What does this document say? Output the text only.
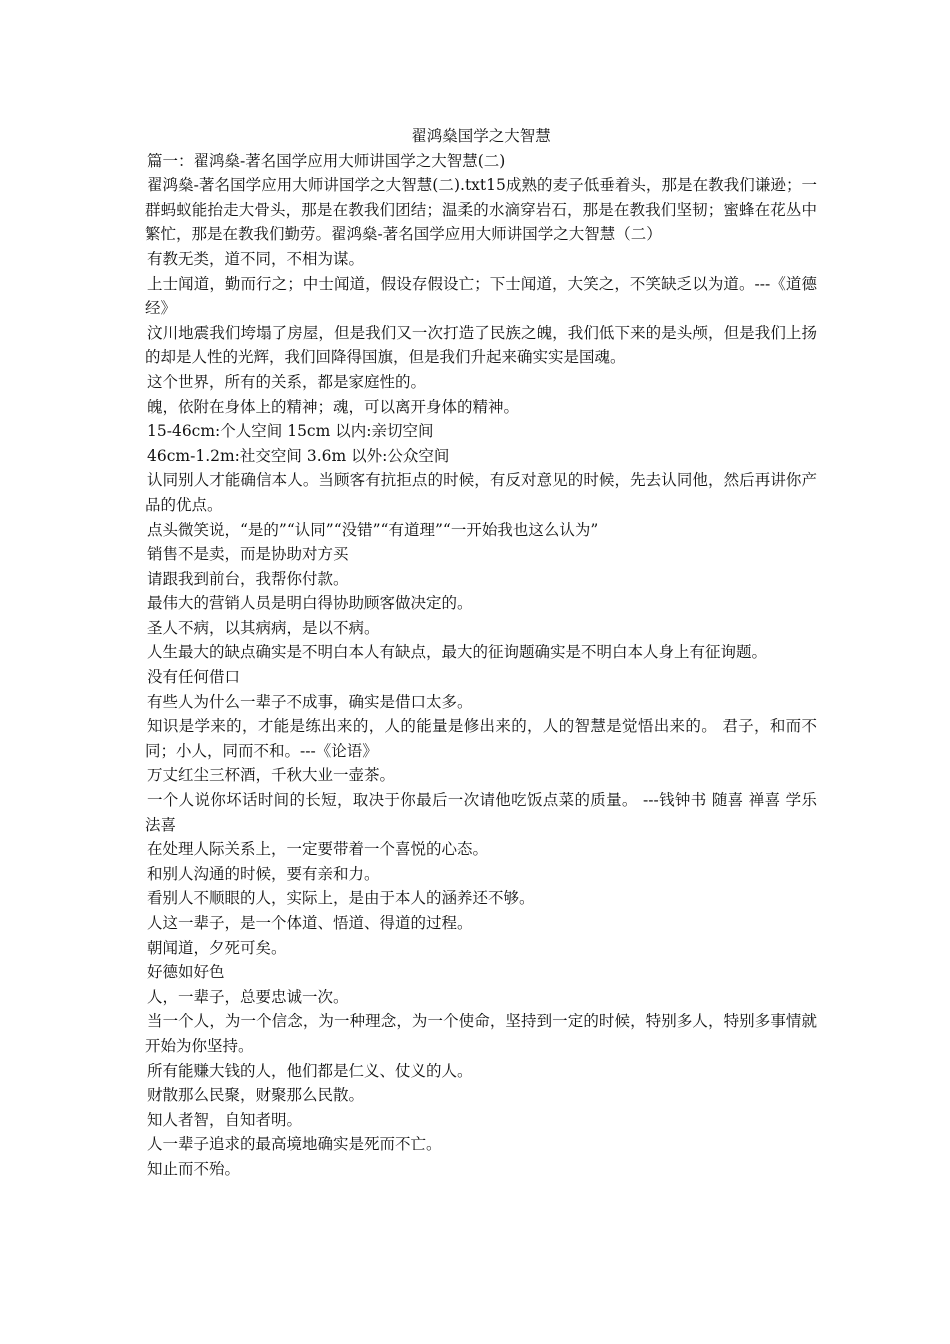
翟鸿燊国学之大智慧

篇一：翟鸿燊-著名国学应用大师讲国学之大智慧(二)

翟鸿燊-著名国学应用大师讲国学之大智慧(二).txt15成熟的麦子低垂着头，那是在教我们谦逊；一群蚂蚁能抬走大骨头，那是在教我们团结；温柔的水滴穿岩石，那是在教我们坚韧；蜜蜂在花丛中繁忙，那是在教我们勤劳。翟鸿燊-著名国学应用大师讲国学之大智慧（二）

有教无类，道不同，不相为谋。

上士闻道，勤而行之；中士闻道，假设存假设亡；下士闻道，大笑之，不笑缺乏以为道。---《道德经》

汶川地震我们垮塌了房屋，但是我们又一次打造了民族之魄，我们低下来的是头颅，但是我们上扬的却是人性的光辉，我们回降得国旗，但是我们升起来确实实是国魂。

这个世界，所有的关系，都是家庭性的。

魄，依附在身体上的精神；魂，可以离开身体的精神。

15-46cm:个人空间 15cm 以内:亲切空间

46cm-1.2m:社交空间 3.6m 以外:公众空间

认同别人才能确信本人。当顾客有抗拒点的时候，有反对意见的时候，先去认同他，然后再讲你产品的优点。

点头微笑说，“是的”“认同”“没错”“有道理”“一开始我也这么认为”

销售不是卖，而是协助对方买

请跟我到前台，我帮你付款。

最伟大的营销人员是明白得协助顾客做决定的。

圣人不病，以其病病，是以不病。

人生最大的缺点确实是不明白本人有缺点，最大的征询题确实是不明白本人身上有征询题。

没有任何借口

有些人为什么一辈子不成事，确实是借口太多。

知识是学来的，才能是练出来的，人的能量是修出来的，人的智慧是觉悟出来的。 君子，和而不同；小人，同而不和。---《论语》

万丈红尘三杯酒，千秋大业一壶茶。

一个人说你坏话时间的长短，取决于你最后一次请他吃饭点菜的质量。 ---钱钟书 随喜 禅喜 学乐 法喜

在处理人际关系上，一定要带着一个喜悦的心态。

和别人沟通的时候，要有亲和力。

看别人不顺眼的人，实际上，是由于本人的涵养还不够。

人这一辈子，是一个体道、悟道、得道的过程。

朝闻道，夕死可矣。

好德如好色

人，一辈子，总要忠诚一次。

当一个人，为一个信念，为一种理念，为一个使命，坚持到一定的时候，特别多人，特别多事情就开始为你坚持。

所有能赚大钱的人，他们都是仁义、仗义的人。

财散那么民聚，财聚那么民散。

知人者智，自知者明。

人一辈子追求的最高境地确实是死而不亡。

知止而不殆。
